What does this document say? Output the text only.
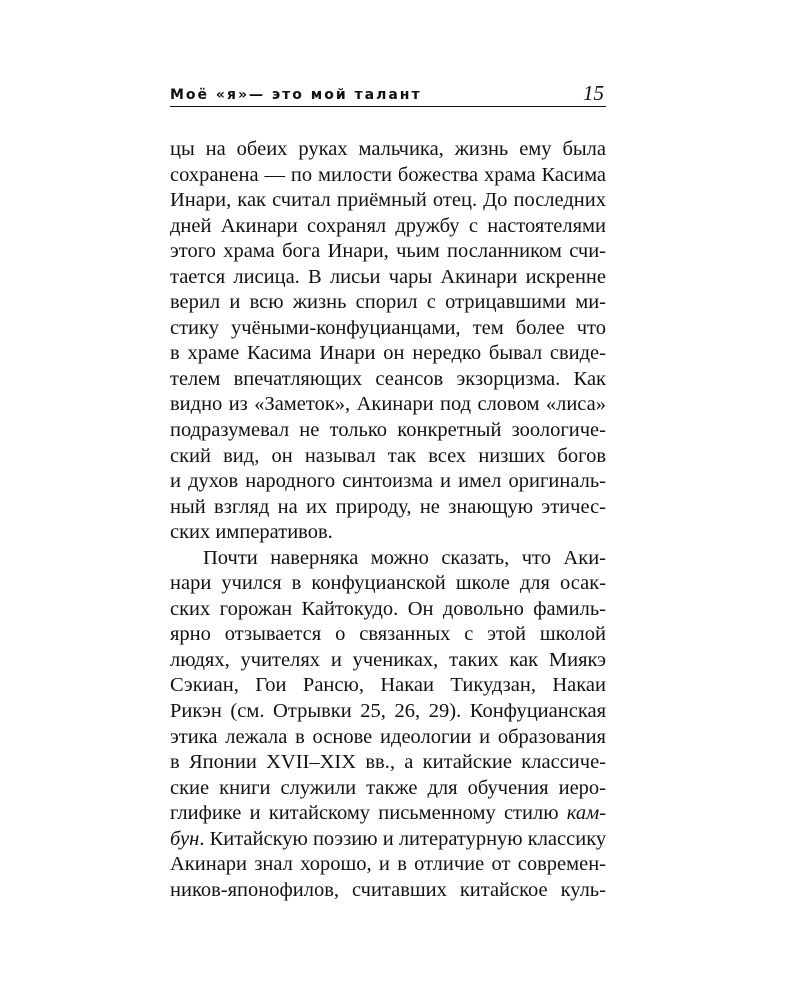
Моё «я»— это мой талант	15
цы на обеих руках мальчика, жизнь ему была
сохранена — по милости божества храма Касима
Инари, как считал приёмный отец. До последних
дней Акинари сохранял дружбу с настоятелями
этого храма бога Инари, чьим посланником счи-
тается лисица. В лисьи чары Акинари искренне
верил и всю жизнь спорил с отрицавшими ми-
стику учёными-конфуцианцами, тем более что
в храме Касима Инари он нередко бывал свиде-
телем впечатляющих сеансов экзорцизма. Как
видно из «Заметок», Акинари под словом «лиса»
подразумевал не только конкретный зоологиче-
ский вид, он называл так всех низших богов
и духов народного синтоизма и имел оригиналь-
ный взгляд на их природу, не знающую этичес-
ских императивов.
Почти наверняка можно сказать, что Аки-
нари учился в конфуцианской школе для осак-
ских горожан Кайтокудо. Он довольно фамиль-
ярно отзывается о связанных с этой школой
людях, учителях и учениках, таких как Миякэ
Сэкиан, Гои Рансю, Накаи Тикудзан, Накаи
Рикэн (см. Отрывки 25, 26, 29). Конфуцианская
этика лежала в основе идеологии и образования
в Японии XVII–XIX вв., а китайские классиче-
ские книги служили также для обучения иеро-
глифике и китайскому письменному стилю кам-
бун. Китайскую поэзию и литературную классику
Акинари знал хорошо, и в отличие от современ-
ников-японофилов, считавших китайское куль-
